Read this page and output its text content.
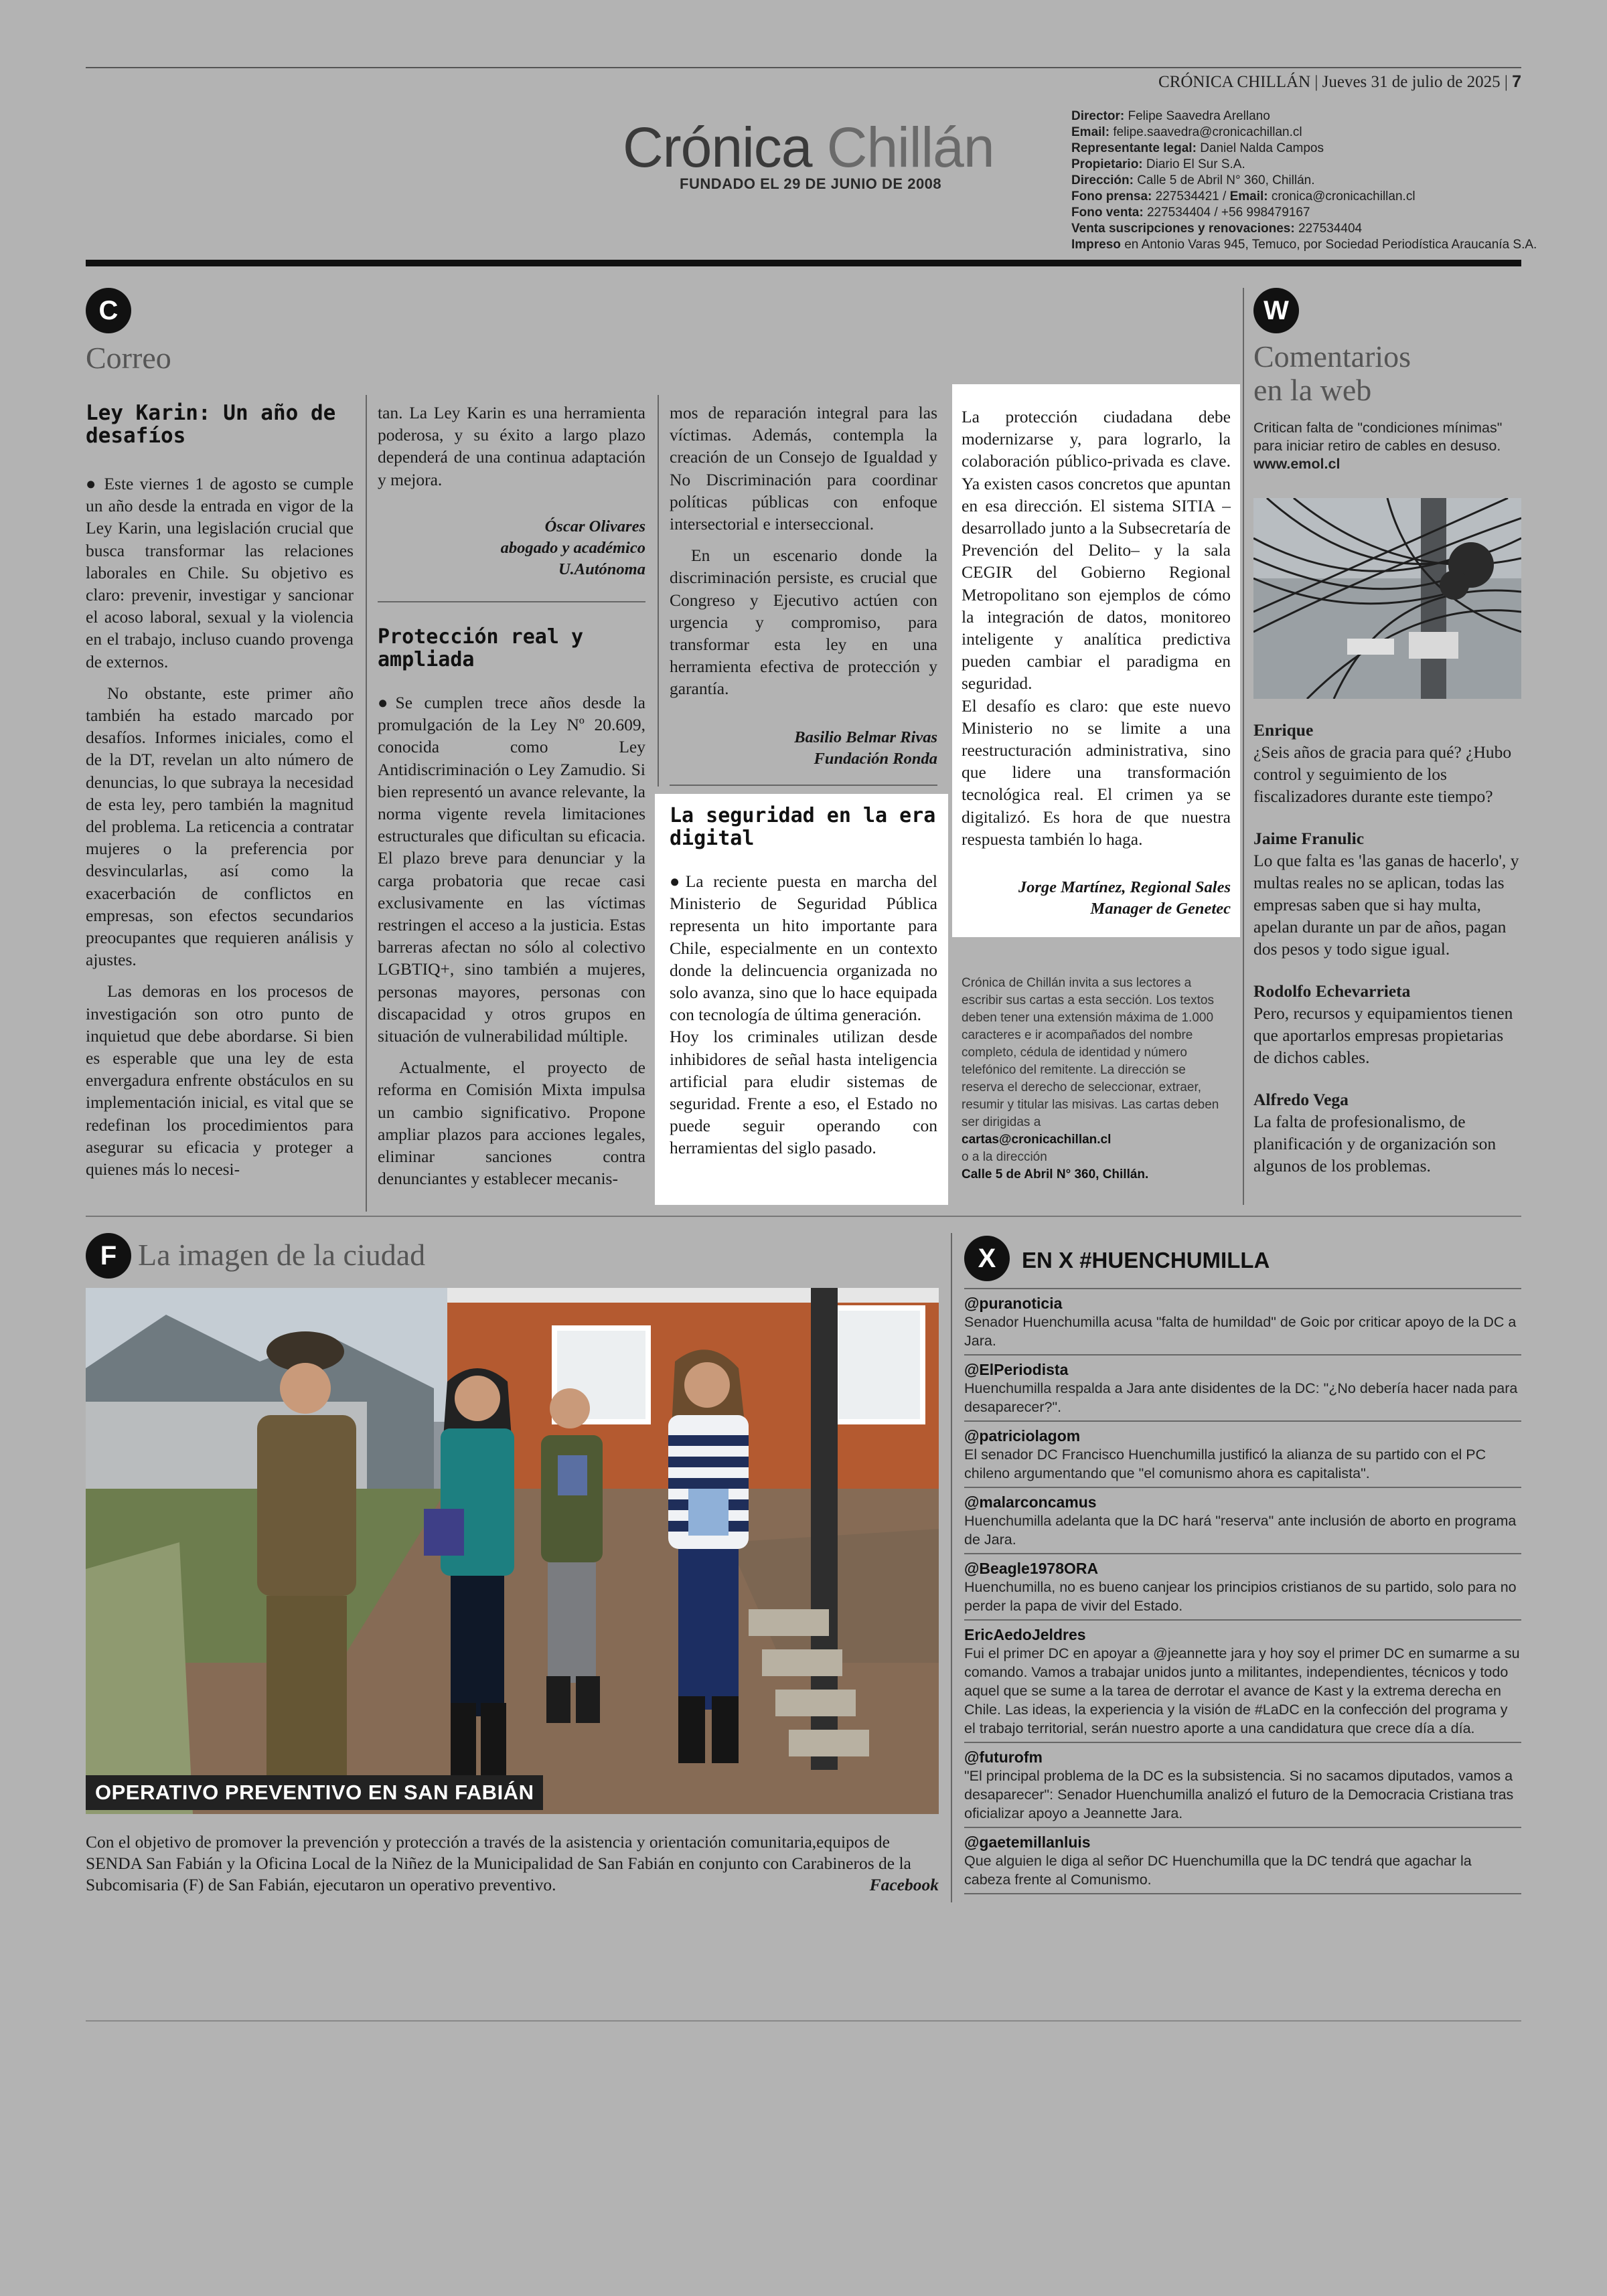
CRÓNICA CHILLÁN | Jueves 31 de julio de 2025 | 7
Crónica Chillán
FUNDADO EL 29 DE JUNIO DE 2008
Director: Felipe Saavedra Arellano
Email: felipe.saavedra@cronicachillan.cl
Representante legal: Daniel Nalda Campos
Propietario: Diario El Sur S.A.
Dirección: Calle 5 de Abril N° 360, Chillán.
Fono prensa: 227534421 / Email: cronica@cronicachillan.cl
Fono venta: 227534404 / +56 998479167
Venta suscripciones y renovaciones: 227534404
Impreso en Antonio Varas 945, Temuco, por Sociedad Periodística Araucanía S.A.
C
Correo
Ley Karin: Un año de desafíos

● Este viernes 1 de agosto se cumple un año desde la entrada en vigor de la Ley Karin, una legislación crucial que busca transformar las relaciones laborales en Chile. Su objetivo es claro: prevenir, investigar y sancionar el acoso laboral, sexual y la violencia en el trabajo, incluso cuando provenga de externos.

No obstante, este primer año también ha estado marcado por desafíos. Informes iniciales, como el de la DT, revelan un alto número de denuncias, lo que subraya la necesidad de esta ley, pero también la magnitud del problema. La reticencia a contratar mujeres o la preferencia por desvincularlas, así como la exacerbación de conflictos en empresas, son efectos secundarios preocupantes que requieren análisis y ajustes.

Las demoras en los procesos de investigación son otro punto de inquietud que debe abordarse. Si bien es esperable que una ley de esta envergadura enfrente obstáculos en su implementación inicial, es vital que se redefinan los procedimientos para asegurar su eficacia y proteger a quienes más lo necesi-

tan. La Ley Karin es una herramienta poderosa, y su éxito a largo plazo dependerá de una continua adaptación y mejora.

Óscar Olivares
abogado y académico
U.Autónoma
Protección real y ampliada

●Se cumplen trece años desde la promulgación de la Ley Nº 20.609, conocida como Ley Antidiscriminación o Ley Zamudio. Si bien representó un avance relevante, la norma vigente revela limitaciones estructurales que dificultan su eficacia. El plazo breve para denunciar y la carga probatoria que recae casi exclusivamente en las víctimas restringen el acceso a la justicia. Estas barreras afectan no sólo al colectivo LGBTIQ+, sino también a mujeres, personas mayores, personas con discapacidad y otros grupos en situación de vulnerabilidad múltiple.

Actualmente, el proyecto de reforma en Comisión Mixta impulsa un cambio significativo. Propone ampliar plazos para acciones legales, eliminar sanciones contra denunciantes y establecer mecanis-

mos de reparación integral para las víctimas. Además, contempla la creación de un Consejo de Igualdad y No Discriminación para coordinar políticas públicas con enfoque intersectorial e interseccional.

En un escenario donde la discriminación persiste, es crucial que Congreso y Ejecutivo actúen con urgencia y compromiso, para transformar esta ley en una herramienta efectiva de protección y garantía.

Basilio Belmar Rivas
Fundación Ronda
La seguridad en la era digital

●La reciente puesta en marcha del Ministerio de Seguridad Pública representa un hito importante para Chile, especialmente en un contexto donde la delincuencia organizada no solo avanza, sino que lo hace equipada con tecnología de última generación.

Hoy los criminales utilizan desde inhibidores de señal hasta inteligencia artificial para eludir sistemas de seguridad. Frente a eso, el Estado no puede seguir operando con herramientas del siglo pasado.

La protección ciudadana debe modernizarse y, para lograrlo, la colaboración público-privada es clave. Ya existen casos concretos que apuntan en esa dirección. El sistema SITIA –desarrollado junto a la Subsecretaría de Prevención del Delito– y la sala CEGIR del Gobierno Regional Metropolitano son ejemplos de cómo la integración de datos, monitoreo inteligente y analítica predictiva pueden cambiar el paradigma en seguridad.

El desafío es claro: que este nuevo Ministerio no se limite a una reestructuración administrativa, sino que lidere una transformación tecnológica real. El crimen ya se digitalizó. Es hora de que nuestra respuesta también lo haga.

Jorge Martínez, Regional Sales
Manager de Genetec
Crónica de Chillán invita a sus lectores a escribir sus cartas a esta sección. Los textos deben tener una extensión máxima de 1.000 caracteres e ir acompañados del nombre completo, cédula de identidad y número telefónico del remitente. La dirección se reserva el derecho de seleccionar, extraer, resumir y titular las misivas. Las cartas deben ser dirigidas a
cartas@cronicachillan.cl
o a la dirección
Calle 5 de Abril N° 360, Chillán.
W
Comentarios
en la web
Critican falta de "condiciones mínimas" para iniciar retiro de cables en desuso.
www.emol.cl
Enrique
¿Seis años de gracia para qué? ¿Hubo control y seguimiento de los fiscalizadores durante este tiempo?
Jaime Franulic
Lo que falta es 'las ganas de hacerlo', y multas reales no se aplican, todas las empresas saben que si hay multa, apelan durante un par de años, pagan dos pesos y todo sigue igual.
Rodolfo Echevarrieta
Pero, recursos y equipamientos tienen que aportarlos empresas propietarias de dichos cables.
Alfredo Vega
La falta de profesionalismo, de planificación y de organización son algunos de los problemas.
F La imagen de la ciudad
OPERATIVO PREVENTIVO EN SAN FABIÁN
Con el objetivo de promover la prevención y protección a través de la asistencia y orientación comunitaria,equipos de SENDA San Fabián y la Oficina Local de la Niñez de la Municipalidad de San Fabián en conjunto con Carabineros de la Subcomisaria (F) de San Fabián, ejecutaron un operativo preventivo.	Facebook
X	EN X #HUENCHUMILLA
@puranoticia
Senador Huenchumilla acusa "falta de humildad" de Goic por criticar apoyo de la DC a Jara.
@ElPeriodista
Huenchumilla respalda a Jara ante disidentes de la DC: "¿No debería hacer nada para desaparecer?".
@patriciolagom
El senador DC Francisco Huenchumilla justificó la alianza de su partido con el PC chileno argumentando que "el comunismo ahora es capitalista".
@malarconcamus
Huenchumilla adelanta que la DC hará "reserva" ante inclusión de aborto en programa de Jara.
@Beagle1978ORA
Huenchumilla, no es bueno canjear los principios cristianos de su partido, solo para no perder la papa de vivir del Estado.
EricAedoJeldres
Fui el primer DC en apoyar a @jeannette jara y hoy soy el primer DC en sumarme a su comando. Vamos a trabajar unidos junto a militantes, independientes, técnicos y todo aquel que se sume a la tarea de derrotar el avance de Kast y la extrema derecha en Chile. Las ideas, la experiencia y la visión de #LaDC en la confección del programa y el trabajo territorial, serán nuestro aporte a una candidatura que crece día a día.
@futurofm
"El principal problema de la DC es la subsistencia. Si no sacamos diputados, vamos a desaparecer": Senador Huenchumilla analizó el futuro de la Democracia Cristiana tras oficializar apoyo a Jeannette Jara.
@gaetemillanluis
Que alguien le diga al señor DC Huenchumilla que la DC tendrá que agachar la cabeza frente al Comunismo.
